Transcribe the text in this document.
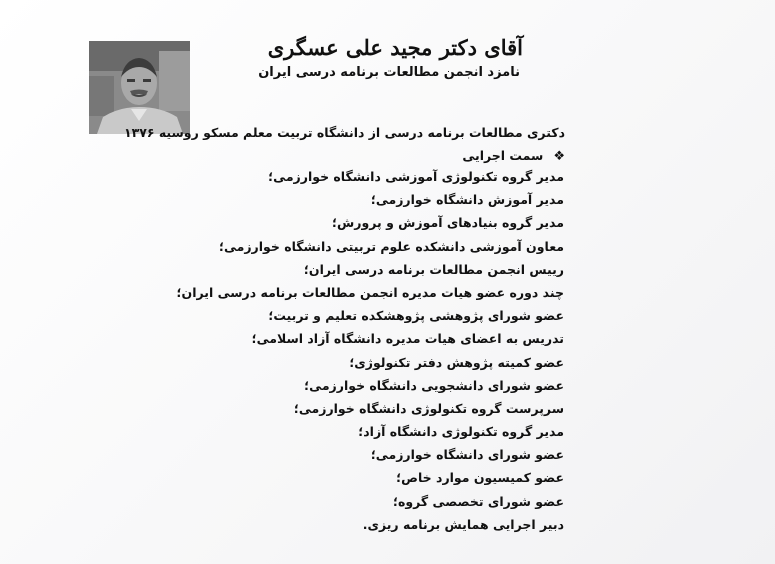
آقای دکتر مجید علی عسگری
نامزد انجمن مطالعات برنامه درسی ایران
دکتری مطالعات برنامه درسی از دانشگاه تربیت معلم مسکو روسیه ۱۳۷۶
❖سمت اجرایی
مدیر گروه تکنولوژی آموزشی دانشگاه خوارزمی؛
مدیر آموزش دانشگاه خوارزمی؛
مدیر گروه بنیادهای آموزش و پرورش؛
معاون آموزشی دانشکده علوم تربیتی دانشگاه خوارزمی؛
رییس انجمن مطالعات برنامه درسی ایران؛
چند دوره عضو هیات مدیره انجمن مطالعات برنامه درسی ایران؛
عضو شورای پژوهشی پژوهشکده تعلیم و تربیت؛
تدریس به اعضای هیات مدیره دانشگاه آزاد اسلامی؛
عضو کمیته پژوهش دفتر تکنولوژی؛
عضو شورای دانشجویی دانشگاه خوارزمی؛
سرپرست گروه تکنولوژی دانشگاه خوارزمی؛
مدیر گروه تکنولوژی دانشگاه آزاد؛
عضو شورای دانشگاه خوارزمی؛
عضو کمیسیون موارد خاص؛
عضو شورای تخصصی گروه؛
دبیر اجرایی همایش برنامه ریزی.
